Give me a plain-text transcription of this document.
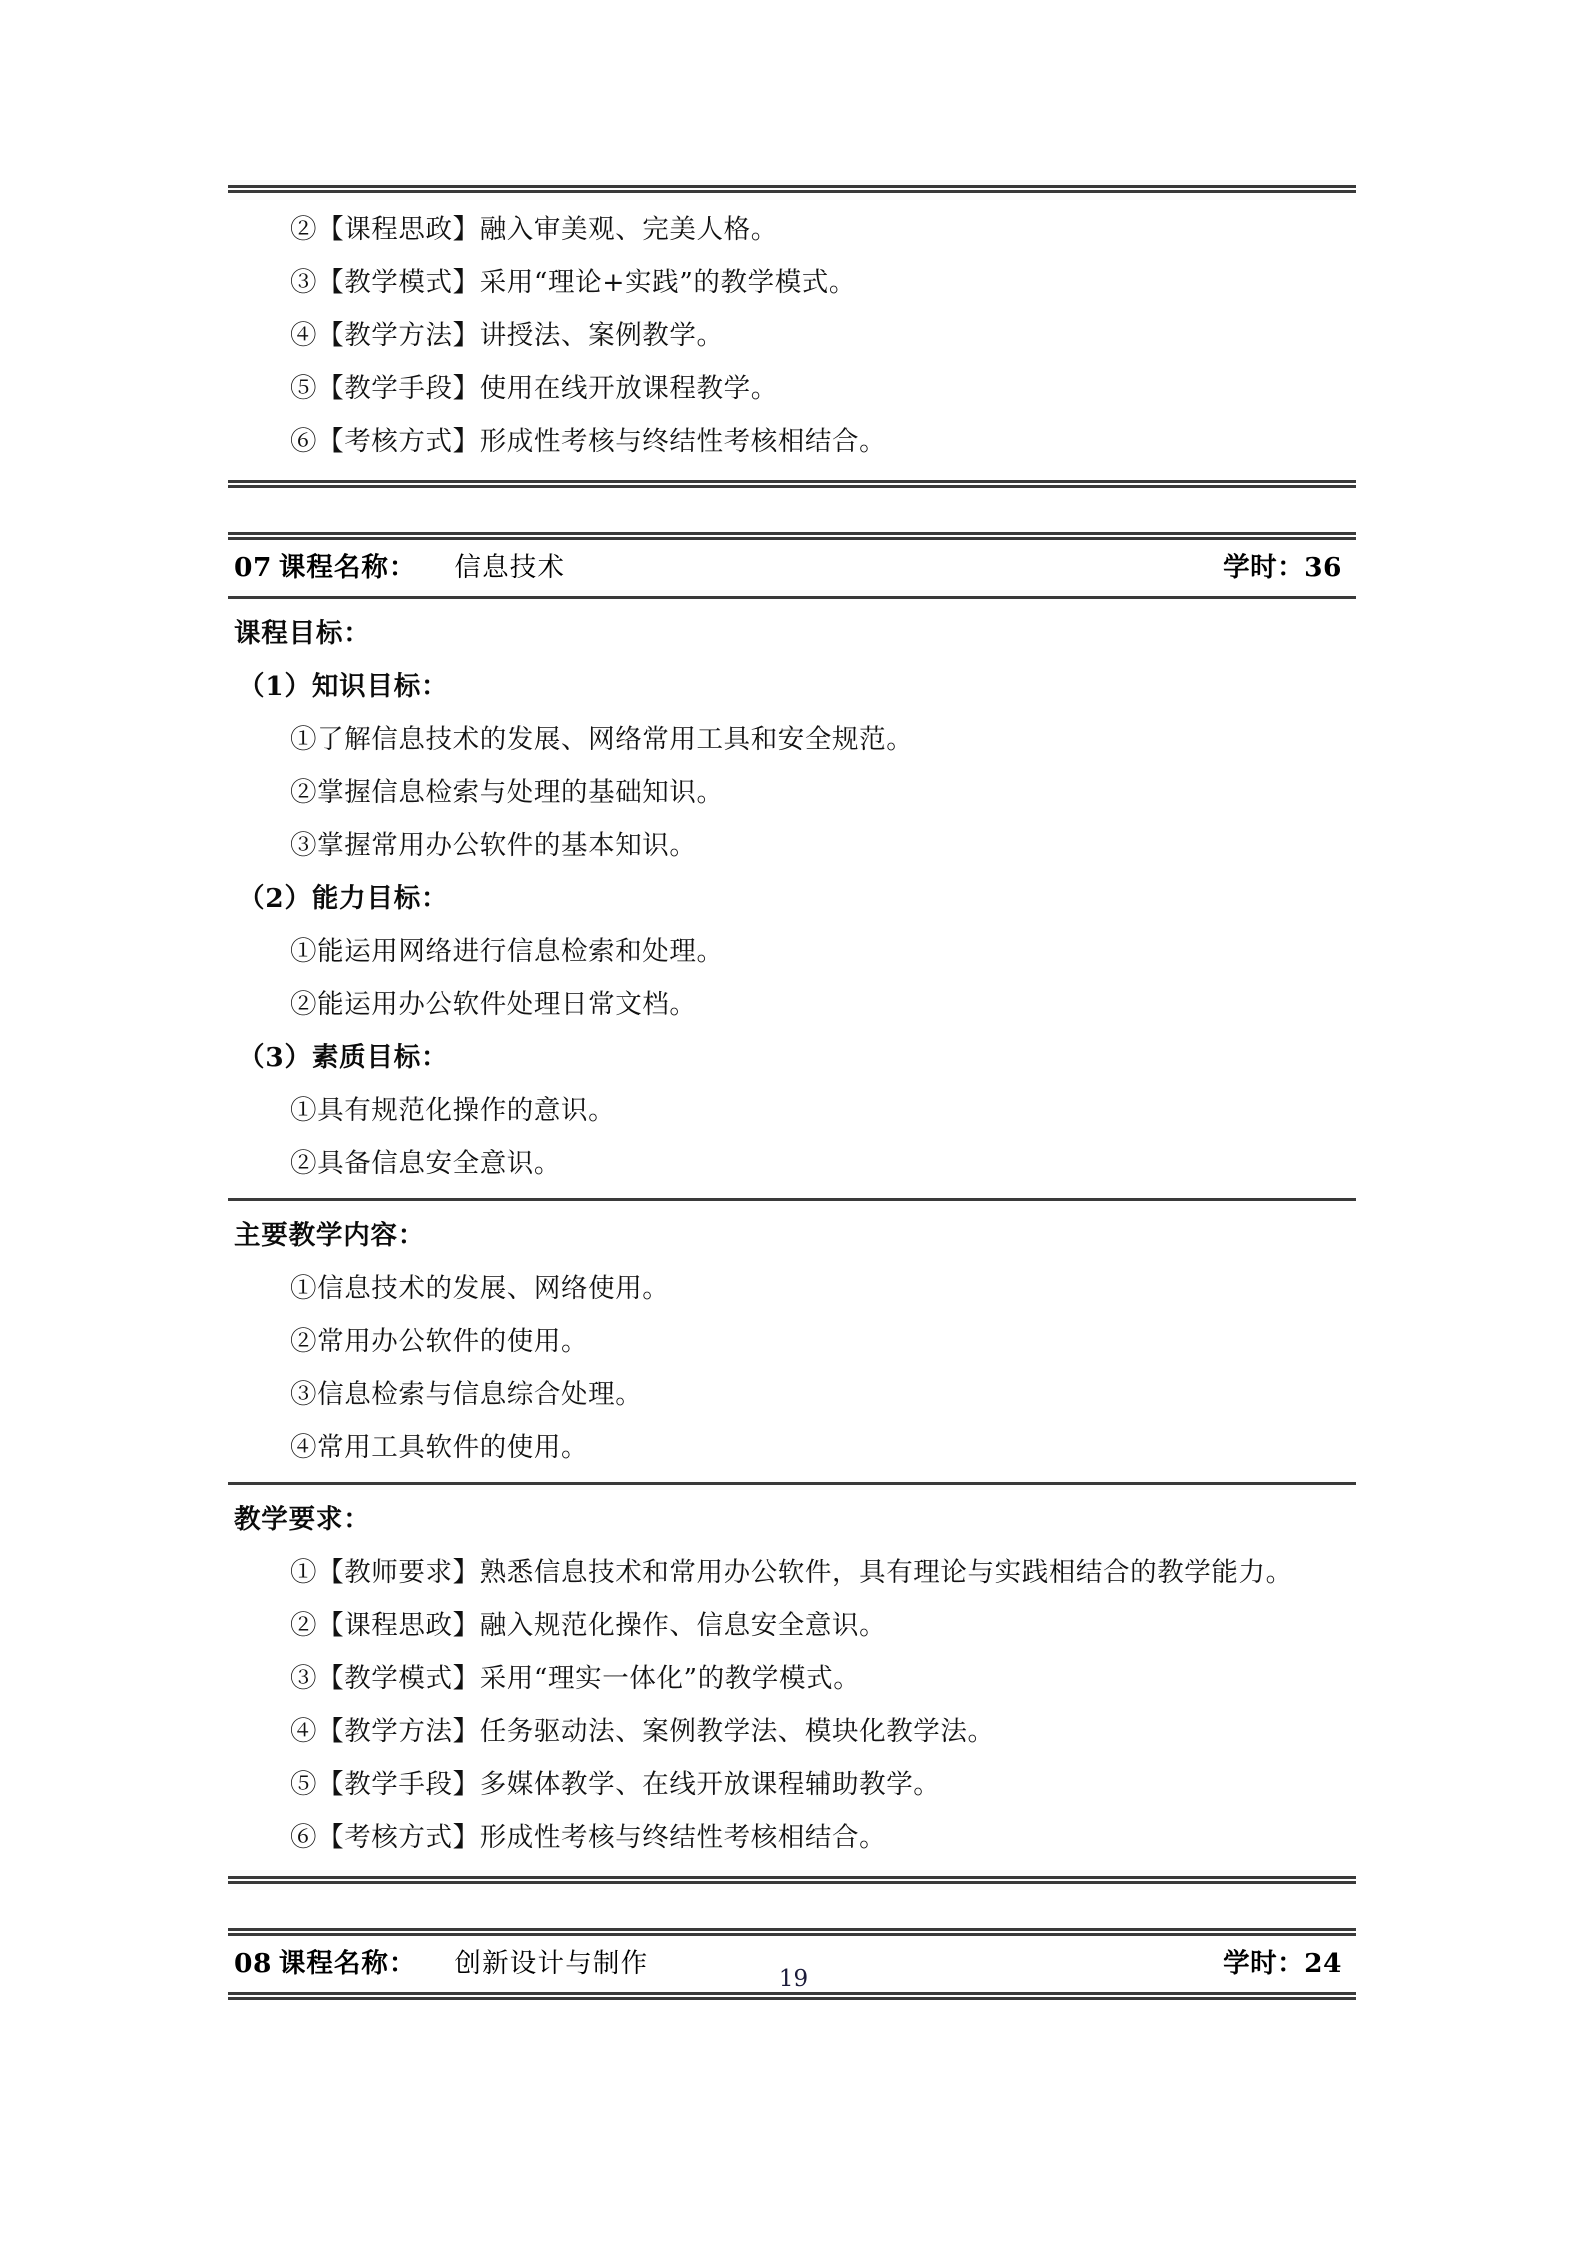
②【课程思政】融入审美观、完美人格。
③【教学模式】采用“理论+实践”的教学模式。
④【教学方法】讲授法、案例教学。
⑤【教学手段】使用在线开放课程教学。
⑥【考核方式】形成性考核与终结性考核相结合。
07 课程名称： 信息技术	学时：36
课程目标：
（1）知识目标：
①了解信息技术的发展、网络常用工具和安全规范。
②掌握信息检索与处理的基础知识。
③掌握常用办公软件的基本知识。
（2）能力目标：
①能运用网络进行信息检索和处理。
②能运用办公软件处理日常文档。
（3）素质目标：
①具有规范化操作的意识。
②具备信息安全意识。
主要教学内容：
①信息技术的发展、网络使用。
②常用办公软件的使用。
③信息检索与信息综合处理。
④常用工具软件的使用。
教学要求：
①【教师要求】熟悉信息技术和常用办公软件，具有理论与实践相结合的教学能力。
②【课程思政】融入规范化操作、信息安全意识。
③【教学模式】采用“理实一体化”的教学模式。
④【教学方法】任务驱动法、案例教学法、模块化教学法。
⑤【教学手段】多媒体教学、在线开放课程辅助教学。
⑥【考核方式】形成性考核与终结性考核相结合。
08 课程名称： 创新设计与制作	学时：24
19
